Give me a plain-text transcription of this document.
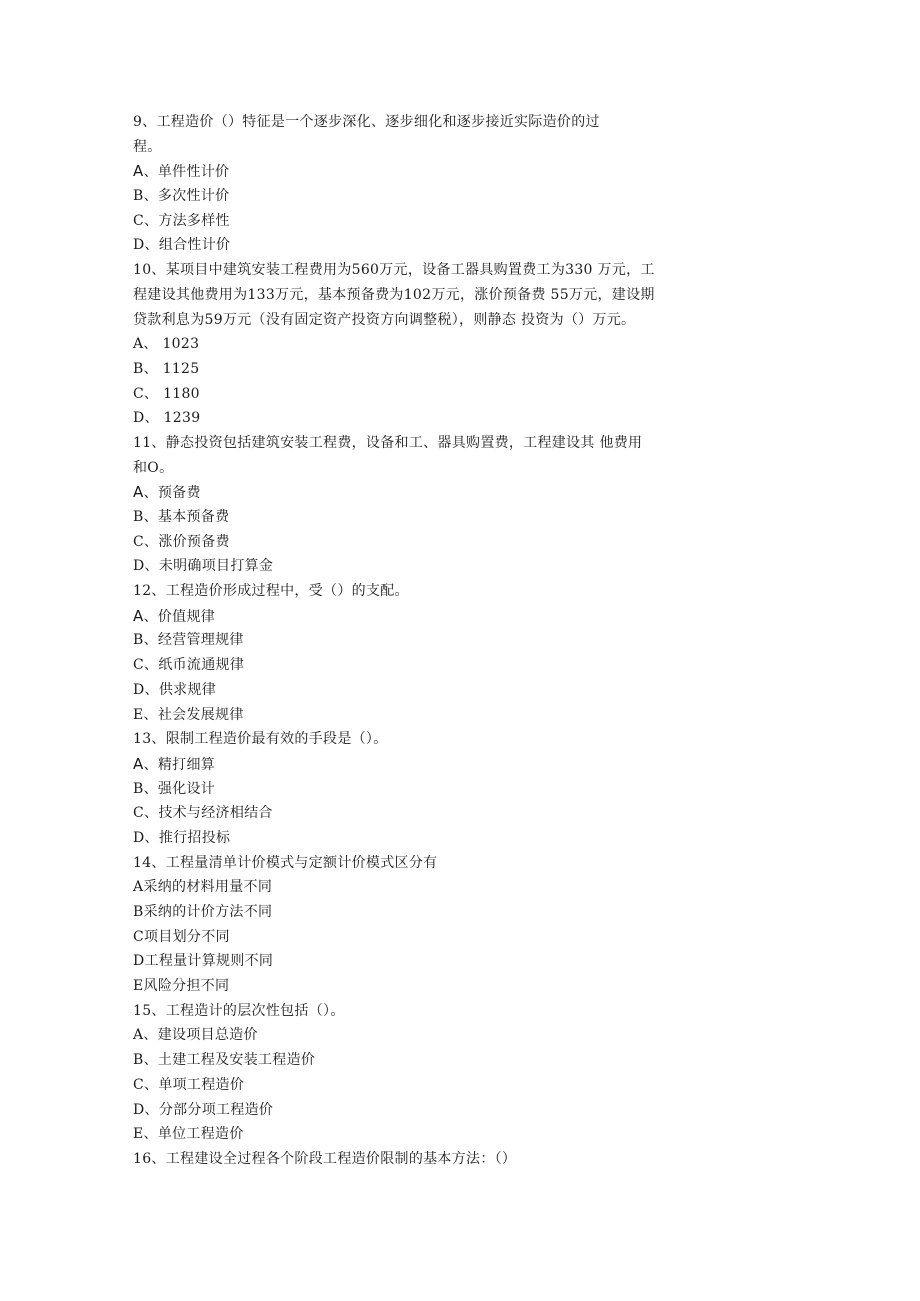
9、工程造价（）特征是一个逐步深化、逐步细化和逐步接近实际造价的过
程。
A、单件性计价
B、多次性计价
C、方法多样性
D、组合性计价
10、某项目中建筑安装工程费用为560万元，设备工器具购置费工为330 万元，工
程建设其他费用为133万元，基本预备费为102万元，涨价预备费 55万元，建设期
贷款利息为59万元（没有固定资产投资方向调整税），则静态 投资为（）万元。
A、 1023
B、 1125
C、 1180
D、 1239
11、静态投资包括建筑安装工程费，设备和工、器具购置费，工程建设其 他费用
和O。
A、预备费
B、基本预备费
C、涨价预备费
D、未明确项目打算金
12、工程造价形成过程中，受（）的支配。
A、价值规律
B、经营管理规律
C、纸币流通规律
D、供求规律
E、社会发展规律
13、限制工程造价最有效的手段是（）。
A、精打细算
B、强化设计
C、技术与经济相结合
D、推行招投标
14、工程量清单计价模式与定额计价模式区分有
A采纳的材料用量不同
B采纳的计价方法不同
C项目划分不同
D工程量计算规则不同
E风险分担不同
15、工程造计的层次性包括（）。
A、建设项目总造价
B、土建工程及安装工程造价
C、单项工程造价
D、分部分项工程造价
E、单位工程造价
16、工程建设全过程各个阶段工程造价限制的基本方法：（）
